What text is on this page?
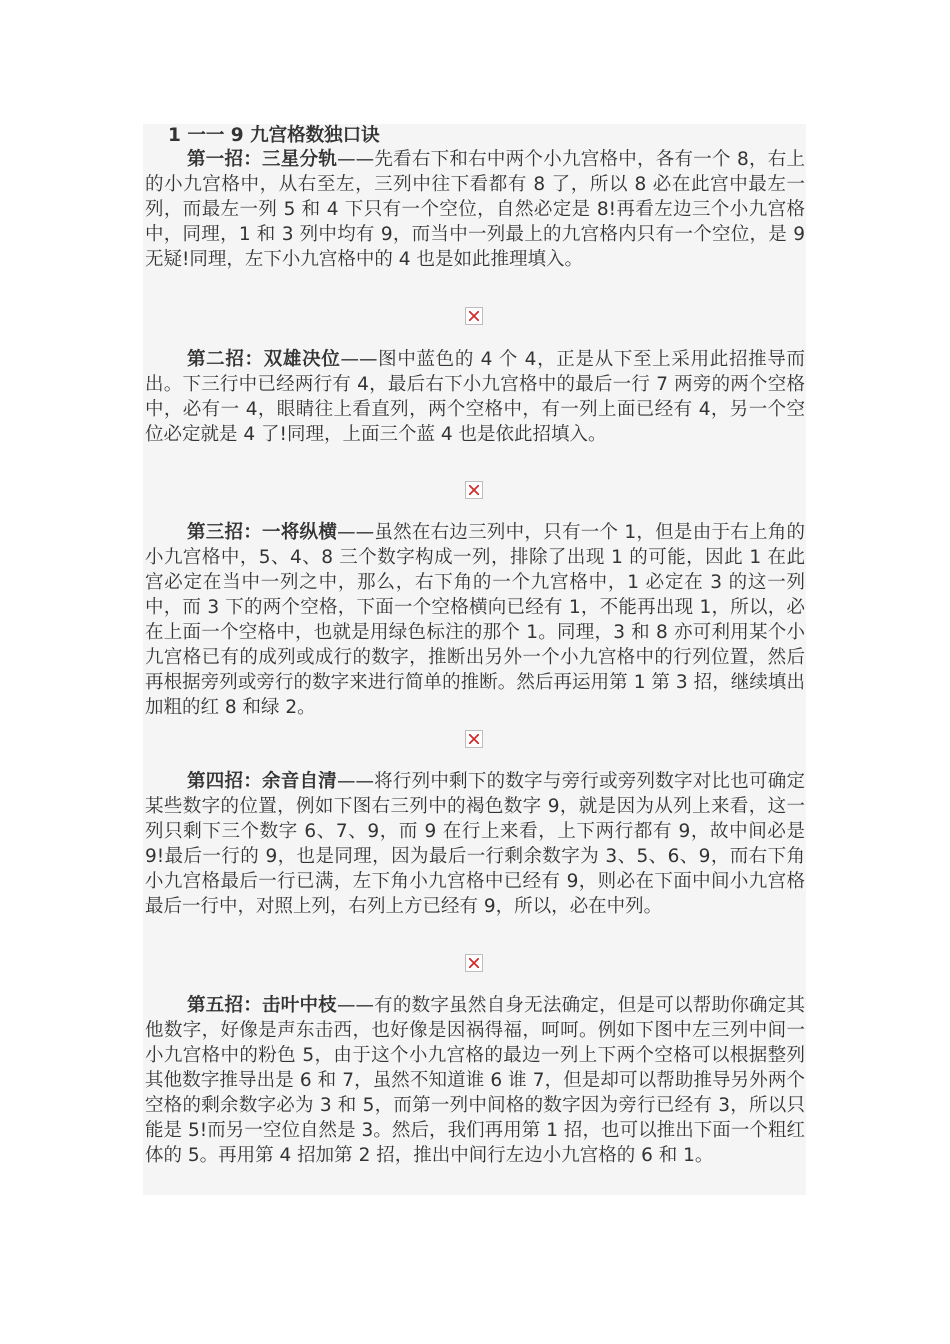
1 一一 9 九宫格数独口诀

第一招：三星分轨——先看右下和右中两个小九宫格中，各有一个 8，右上的小九宫格中，从右至左，三列中往下看都有 8 了，所以 8 必在此宫中最左一列，而最左一列 5 和 4 下只有一个空位，自然必定是 8!再看左边三个小九宫格中，同理，1 和 3 列中均有 9，而当中一列最上的九宫格内只有一个空位，是 9 无疑!同理，左下小九宫格中的 4 也是如此推理填入。

第二招：双雄决位——图中蓝色的 4 个 4，正是从下至上采用此招推导而出。下三行中已经两行有 4，最后右下小九宫格中的最后一行 7 两旁的两个空格中，必有一 4，眼睛往上看直列，两个空格中，有一列上面已经有 4，另一个空位必定就是 4 了!同理，上面三个蓝 4 也是依此招填入。

第三招：一将纵横——虽然在右边三列中，只有一个 1，但是由于右上角的小九宫格中，5、4、8 三个数字构成一列，排除了出现 1 的可能，因此 1 在此宫必定在当中一列之中，那么，右下角的一个九宫格中，1 必定在 3 的这一列中，而 3 下的两个空格，下面一个空格横向已经有 1，不能再出现 1，所以，必在上面一个空格中，也就是用绿色标注的那个 1。同理，3 和 8 亦可利用某个小九宫格已有的成列或成行的数字，推断出另外一个小九宫格中的行列位置，然后再根据旁列或旁行的数字来进行简单的推断。然后再运用第 1 第 3 招，继续填出加粗的红 8 和绿 2。

第四招：余音自清——将行列中剩下的数字与旁行或旁列数字对比也可确定某些数字的位置，例如下图右三列中的褐色数字 9，就是因为从列上来看，这一列只剩下三个数字 6、7、9，而 9 在行上来看，上下两行都有 9，故中间必是 9!最后一行的 9，也是同理，因为最后一行剩余数字为 3、5、6、9，而右下角小九宫格最后一行已满，左下角小九宫格中已经有 9，则必在下面中间小九宫格最后一行中，对照上列，右列上方已经有 9，所以，必在中列。

第五招：击叶中枝——有的数字虽然自身无法确定，但是可以帮助你确定其他数字，好像是声东击西，也好像是因祸得福，呵呵。例如下图中左三列中间一小九宫格中的粉色 5，由于这个小九宫格的最边一列上下两个空格可以根据整列其他数字推导出是 6 和 7，虽然不知道谁 6 谁 7，但是却可以帮助推导另外两个空格的剩余数字必为 3 和 5，而第一列中间格的数字因为旁行已经有 3，所以只能是 5!而另一空位自然是 3。然后，我们再用第 1 招，也可以推出下面一个粗红体的 5。再用第 4 招加第 2 招，推出中间行左边小九宫格的 6 和 1。
